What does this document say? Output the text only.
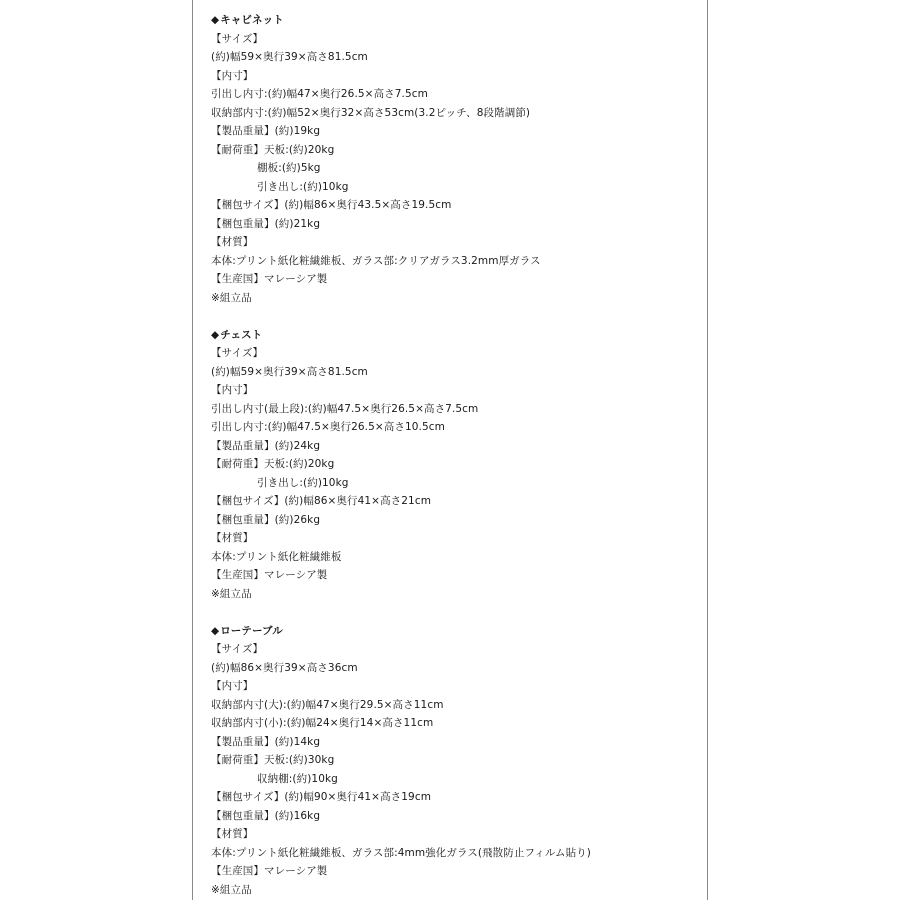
◆キャビネット
【サイズ】
(約)幅59×奥行39×高さ81.5cm
【内寸】
引出し内寸:(約)幅47×奥行26.5×高さ7.5cm
収納部内寸:(約)幅52×奥行32×高さ53cm(3.2ピッチ、8段階調節)
【製品重量】(約)19kg
【耐荷重】天板:(約)20kg
棚板:(約)5kg
引き出し:(約)10kg
【梱包サイズ】(約)幅86×奥行43.5×高さ19.5cm
【梱包重量】(約)21kg
【材質】
本体:プリント紙化粧繊維板、ガラス部:クリアガラス3.2mm厚ガラス
【生産国】マレーシア製
※組立品
◆チェスト
【サイズ】
(約)幅59×奥行39×高さ81.5cm
【内寸】
引出し内寸(最上段):(約)幅47.5×奥行26.5×高さ7.5cm
引出し内寸:(約)幅47.5×奥行26.5×高さ10.5cm
【製品重量】(約)24kg
【耐荷重】天板:(約)20kg
引き出し:(約)10kg
【梱包サイズ】(約)幅86×奥行41×高さ21cm
【梱包重量】(約)26kg
【材質】
本体:プリント紙化粧繊維板
【生産国】マレーシア製
※組立品
◆ローテーブル
【サイズ】
(約)幅86×奥行39×高さ36cm
【内寸】
収納部内寸(大):(約)幅47×奥行29.5×高さ11cm
収納部内寸(小):(約)幅24×奥行14×高さ11cm
【製品重量】(約)14kg
【耐荷重】天板:(約)30kg
収納棚:(約)10kg
【梱包サイズ】(約)幅90×奥行41×高さ19cm
【梱包重量】(約)16kg
【材質】
本体:プリント紙化粧繊維板、ガラス部:4mm強化ガラス(飛散防止フィルム貼り)
【生産国】マレーシア製
※組立品
